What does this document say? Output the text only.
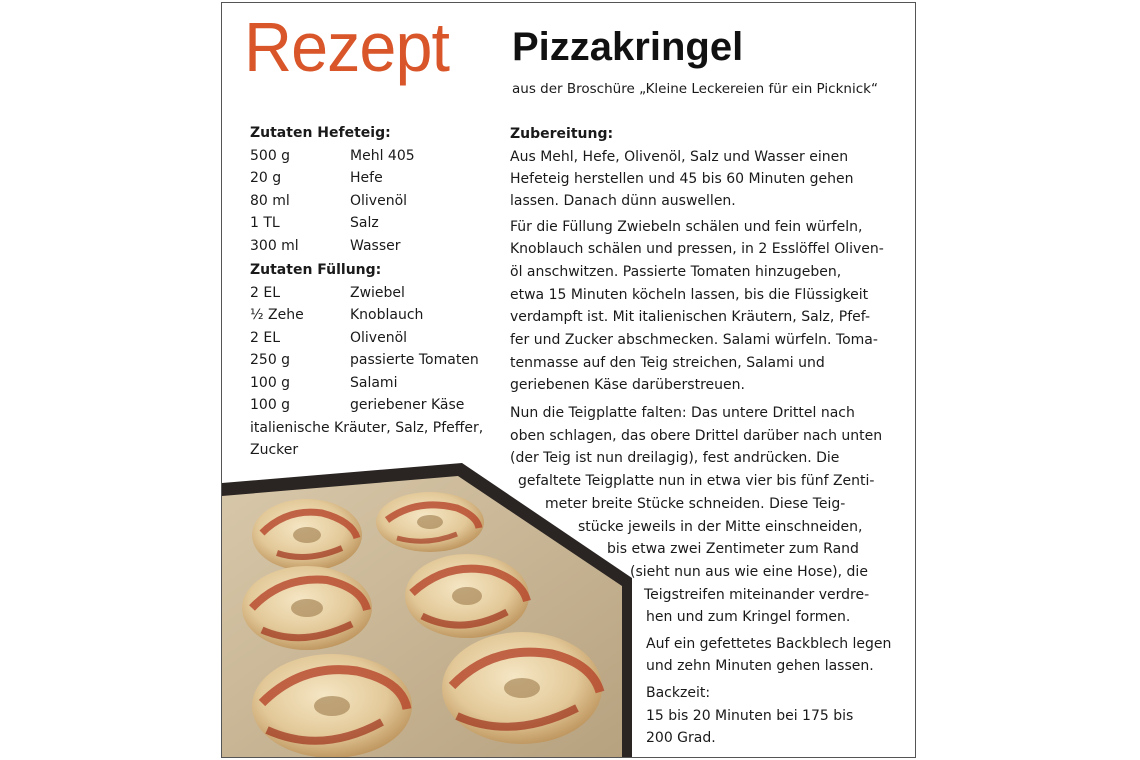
Rezept Pizzakringel
aus der Broschüre „Kleine Leckereien für ein Picknick“
Zutaten Hefeteig:
500 g	Mehl 405
20 g	Hefe
80 ml	Olivenöl
1 TL	Salz
300 ml	Wasser
Zutaten Füllung:
2 EL	Zwiebel
½ Zehe	Knoblauch
2 EL	Olivenöl
250 g	passierte Tomaten
100 g	Salami
100 g	geriebener Käse
italienische Kräuter, Salz, Pfeffer,
Zucker
Zubereitung:
Aus Mehl, Hefe, Olivenöl, Salz und Wasser einen
Hefeteig herstellen und 45 bis 60 Minuten gehen
lassen. Danach dünn auswellen.
Für die Füllung Zwiebeln schälen und fein würfeln,
Knoblauch schälen und pressen, in 2 Esslöffel Oliven-
öl anschwitzen. Passierte Tomaten hinzugeben,
etwa 15 Minuten köcheln lassen, bis die Flüssigkeit
verdampft ist. Mit italienischen Kräutern, Salz, Pfef-
fer und Zucker abschmecken. Salami würfeln. Toma-
tenmasse auf den Teig streichen, Salami und
geriebenen Käse darüberstreuen.
Nun die Teigplatte falten: Das untere Drittel nach
oben schlagen, das obere Drittel darüber nach unten
(der Teig ist nun dreilagig), fest andrücken. Die
gefaltete Teigplatte nun in etwa vier bis fünf Zenti-
meter breite Stücke schneiden. Diese Teig-
stücke jeweils in der Mitte einschneiden,
bis etwa zwei Zentimeter zum Rand
(sieht nun aus wie eine Hose), die
Teigstreifen miteinander verdre-
hen und zum Kringel formen.
Auf ein gefettetes Backblech legen
und zehn Minuten gehen lassen.
Backzeit:
15 bis 20 Minuten bei 175 bis
200 Grad.
